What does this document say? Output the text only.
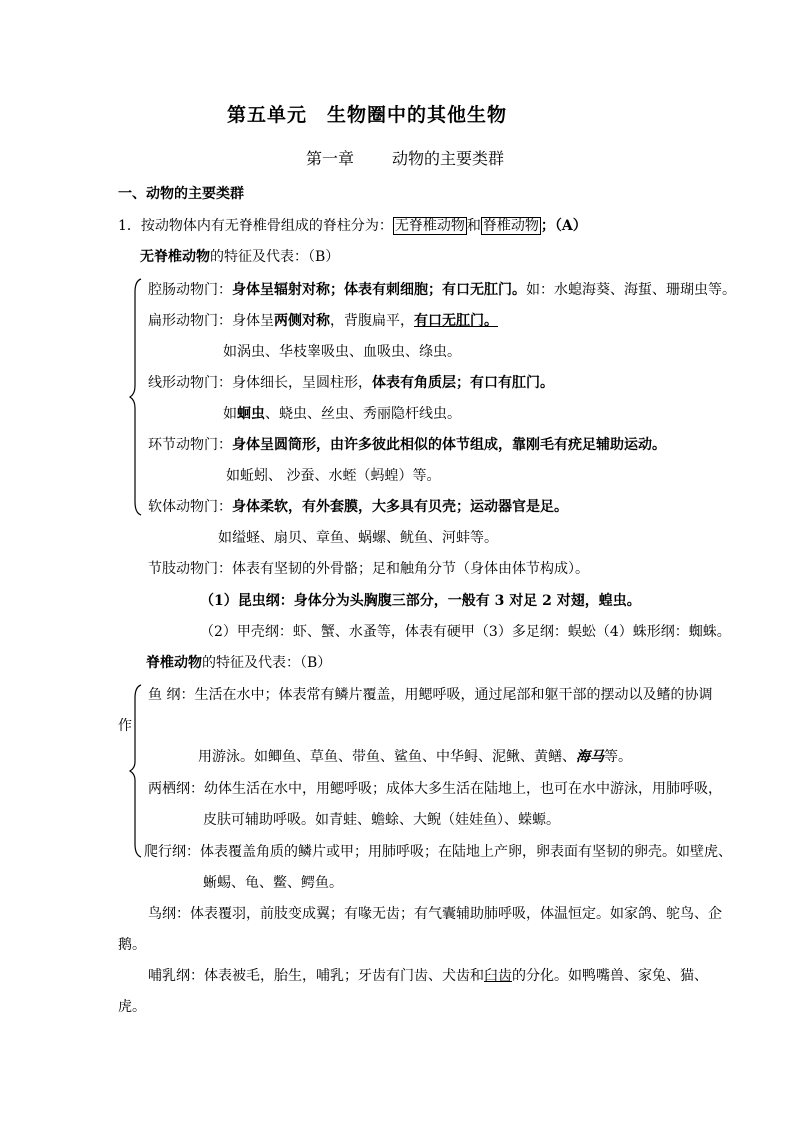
第五单元　生物圈中的其他生物
第一章 动物的主要类群
一、动物的主要类群
1．按动物体内有无脊椎骨组成的脊柱分为： 无脊椎动物 和 脊椎动物 ；（A）
无脊椎动物的特征及代表：（B）
腔肠动物门：身体呈辐射对称；体表有刺细胞；有口无肛门。如：水螅海葵、海蜇、珊瑚虫等。
扁形动物门：身体呈两侧对称，背腹扁平，有口无肛门。
如涡虫、华枝睾吸虫、血吸虫、绦虫。
线形动物门：身体细长，呈圆柱形，体表有角质层；有口有肛门。
如蛔虫、蛲虫、丝虫、秀丽隐杆线虫。
环节动物门：身体呈圆筒形，由许多彼此相似的体节组成，靠刚毛有疣足辅助运动。
如蚯蚓、 沙蚕、水蛭（蚂蝗）等。
软体动物门：身体柔软，有外套膜，大多具有贝壳；运动器官是足。
如缢蛏、扇贝、章鱼、蜗螺、鱿鱼、河蚌等。
节肢动物门：体表有坚韧的外骨骼；足和触角分节（身体由体节构成）。
（1）昆虫纲：身体分为头胸腹三部分，一般有 3 对足 2 对翅，蝗虫。
（2）甲壳纲：虾、蟹、水蚤等，体表有硬甲（3）多足纲：蜈蚣（4）蛛形纲：蜘蛛。
脊椎动物的特征及代表：（B）
鱼 纲：生活在水中；体表常有鳞片覆盖，用鳃呼吸，通过尾部和躯干部的摆动以及鳍的协调
作
用游泳。如鲫鱼、草鱼、带鱼、鲨鱼、中华鲟、泥鳅、黄鳝、海马等。
两栖纲：幼体生活在水中，用鳃呼吸；成体大多生活在陆地上，也可在水中游泳，用肺呼吸，
皮肤可辅助呼吸。如青蛙、蟾蜍、大鲵（娃娃鱼）、蝾螈。
爬行纲：体表覆盖角质的鳞片或甲；用肺呼吸；在陆地上产卵，卵表面有坚韧的卵壳。如壁虎、
蜥蜴、龟、鳖、鳄鱼。
鸟纲：体表覆羽，前肢变成翼；有喙无齿；有气囊辅助肺呼吸，体温恒定。如家鸽、鸵鸟、企
鹅。
哺乳纲：体表被毛，胎生，哺乳；牙齿有门齿、犬齿和臼齿的分化。如鸭嘴兽、家兔、猫、
虎。
